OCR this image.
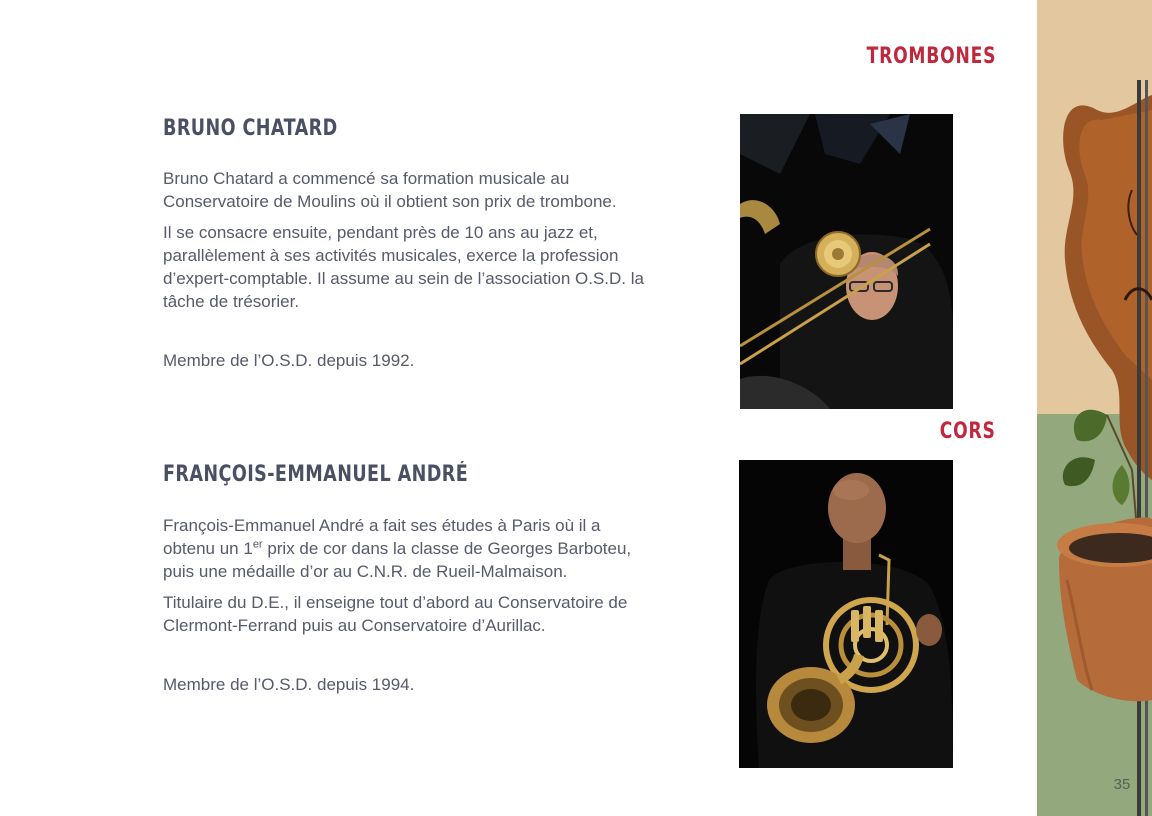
TROMBONES
BRUNO CHATARD

Bruno Chatard a commencé sa formation musicale au Conservatoire de Moulins où il obtient son prix de trombone.

Il se consacre ensuite, pendant près de 10 ans au jazz et, parallèlement à ses activités musicales, exerce la profession d’expert-comptable. Il assume au sein de l’association O.S.D. la tâche de trésorier.

Membre de l’O.S.D. depuis 1992.

CORS
FRANÇOIS-EMMANUEL ANDRÉ

François-Emmanuel André a fait ses études à Paris où il a obtenu un 1er prix de cor dans la classe de Georges Barboteu, puis une médaille d’or au C.N.R. de Rueil-Malmaison.

Titulaire du D.E., il enseigne tout d’abord au Conservatoire de Clermont-Ferrand puis au Conservatoire d’Aurillac.

Membre de l’O.S.D. depuis 1994.

35
